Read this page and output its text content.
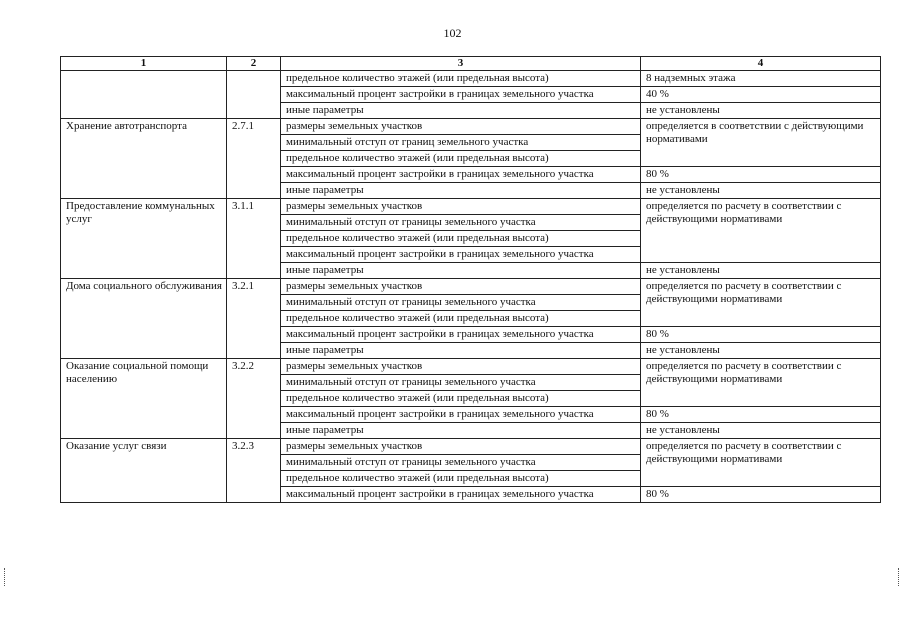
102
1	2	3	4
		предельное количество этажей (или предельная высота)	8 надземных этажа
		максимальный процент застройки в границах земельного участка	40 %
		иные параметры	не установлены
Хранение автотранспорта	2.7.1	размеры земельных участков	определяется в соответствии с действующими нормативами
		минимальный отступ от границ земельного участка	
		предельное количество этажей (или предельная высота)	
		максимальный процент застройки в границах земельного участка	80 %
		иные параметры	не установлены
Предоставление коммунальных услуг	3.1.1	размеры земельных участков	определяется по расчету в соответствии с действующими нормативами
		минимальный отступ от границы земельного участка	
		предельное количество этажей (или предельная высота)	
		максимальный процент застройки в границах земельного участка	
		иные параметры	не установлены
Дома социального обслуживания	3.2.1	размеры земельных участков	определяется по расчету в соответствии с действующими нормативами
		минимальный отступ от границы земельного участка	
		предельное количество этажей (или предельная высота)	
		максимальный процент застройки в границах земельного участка	80 %
		иные параметры	не установлены
Оказание социальной помощи населению	3.2.2	размеры земельных участков	определяется по расчету в соответствии с действующими нормативами
		минимальный отступ от границы земельного участка	
		предельное количество этажей (или предельная высота)	
		максимальный процент застройки в границах земельного участка	80 %
		иные параметры	не установлены
Оказание услуг связи	3.2.3	размеры земельных участков	определяется по расчету в соответствии с действующими нормативами
		минимальный отступ от границы земельного участка	
		предельное количество этажей (или предельная высота)	
		максимальный процент застройки в границах земельного участка	80 %
